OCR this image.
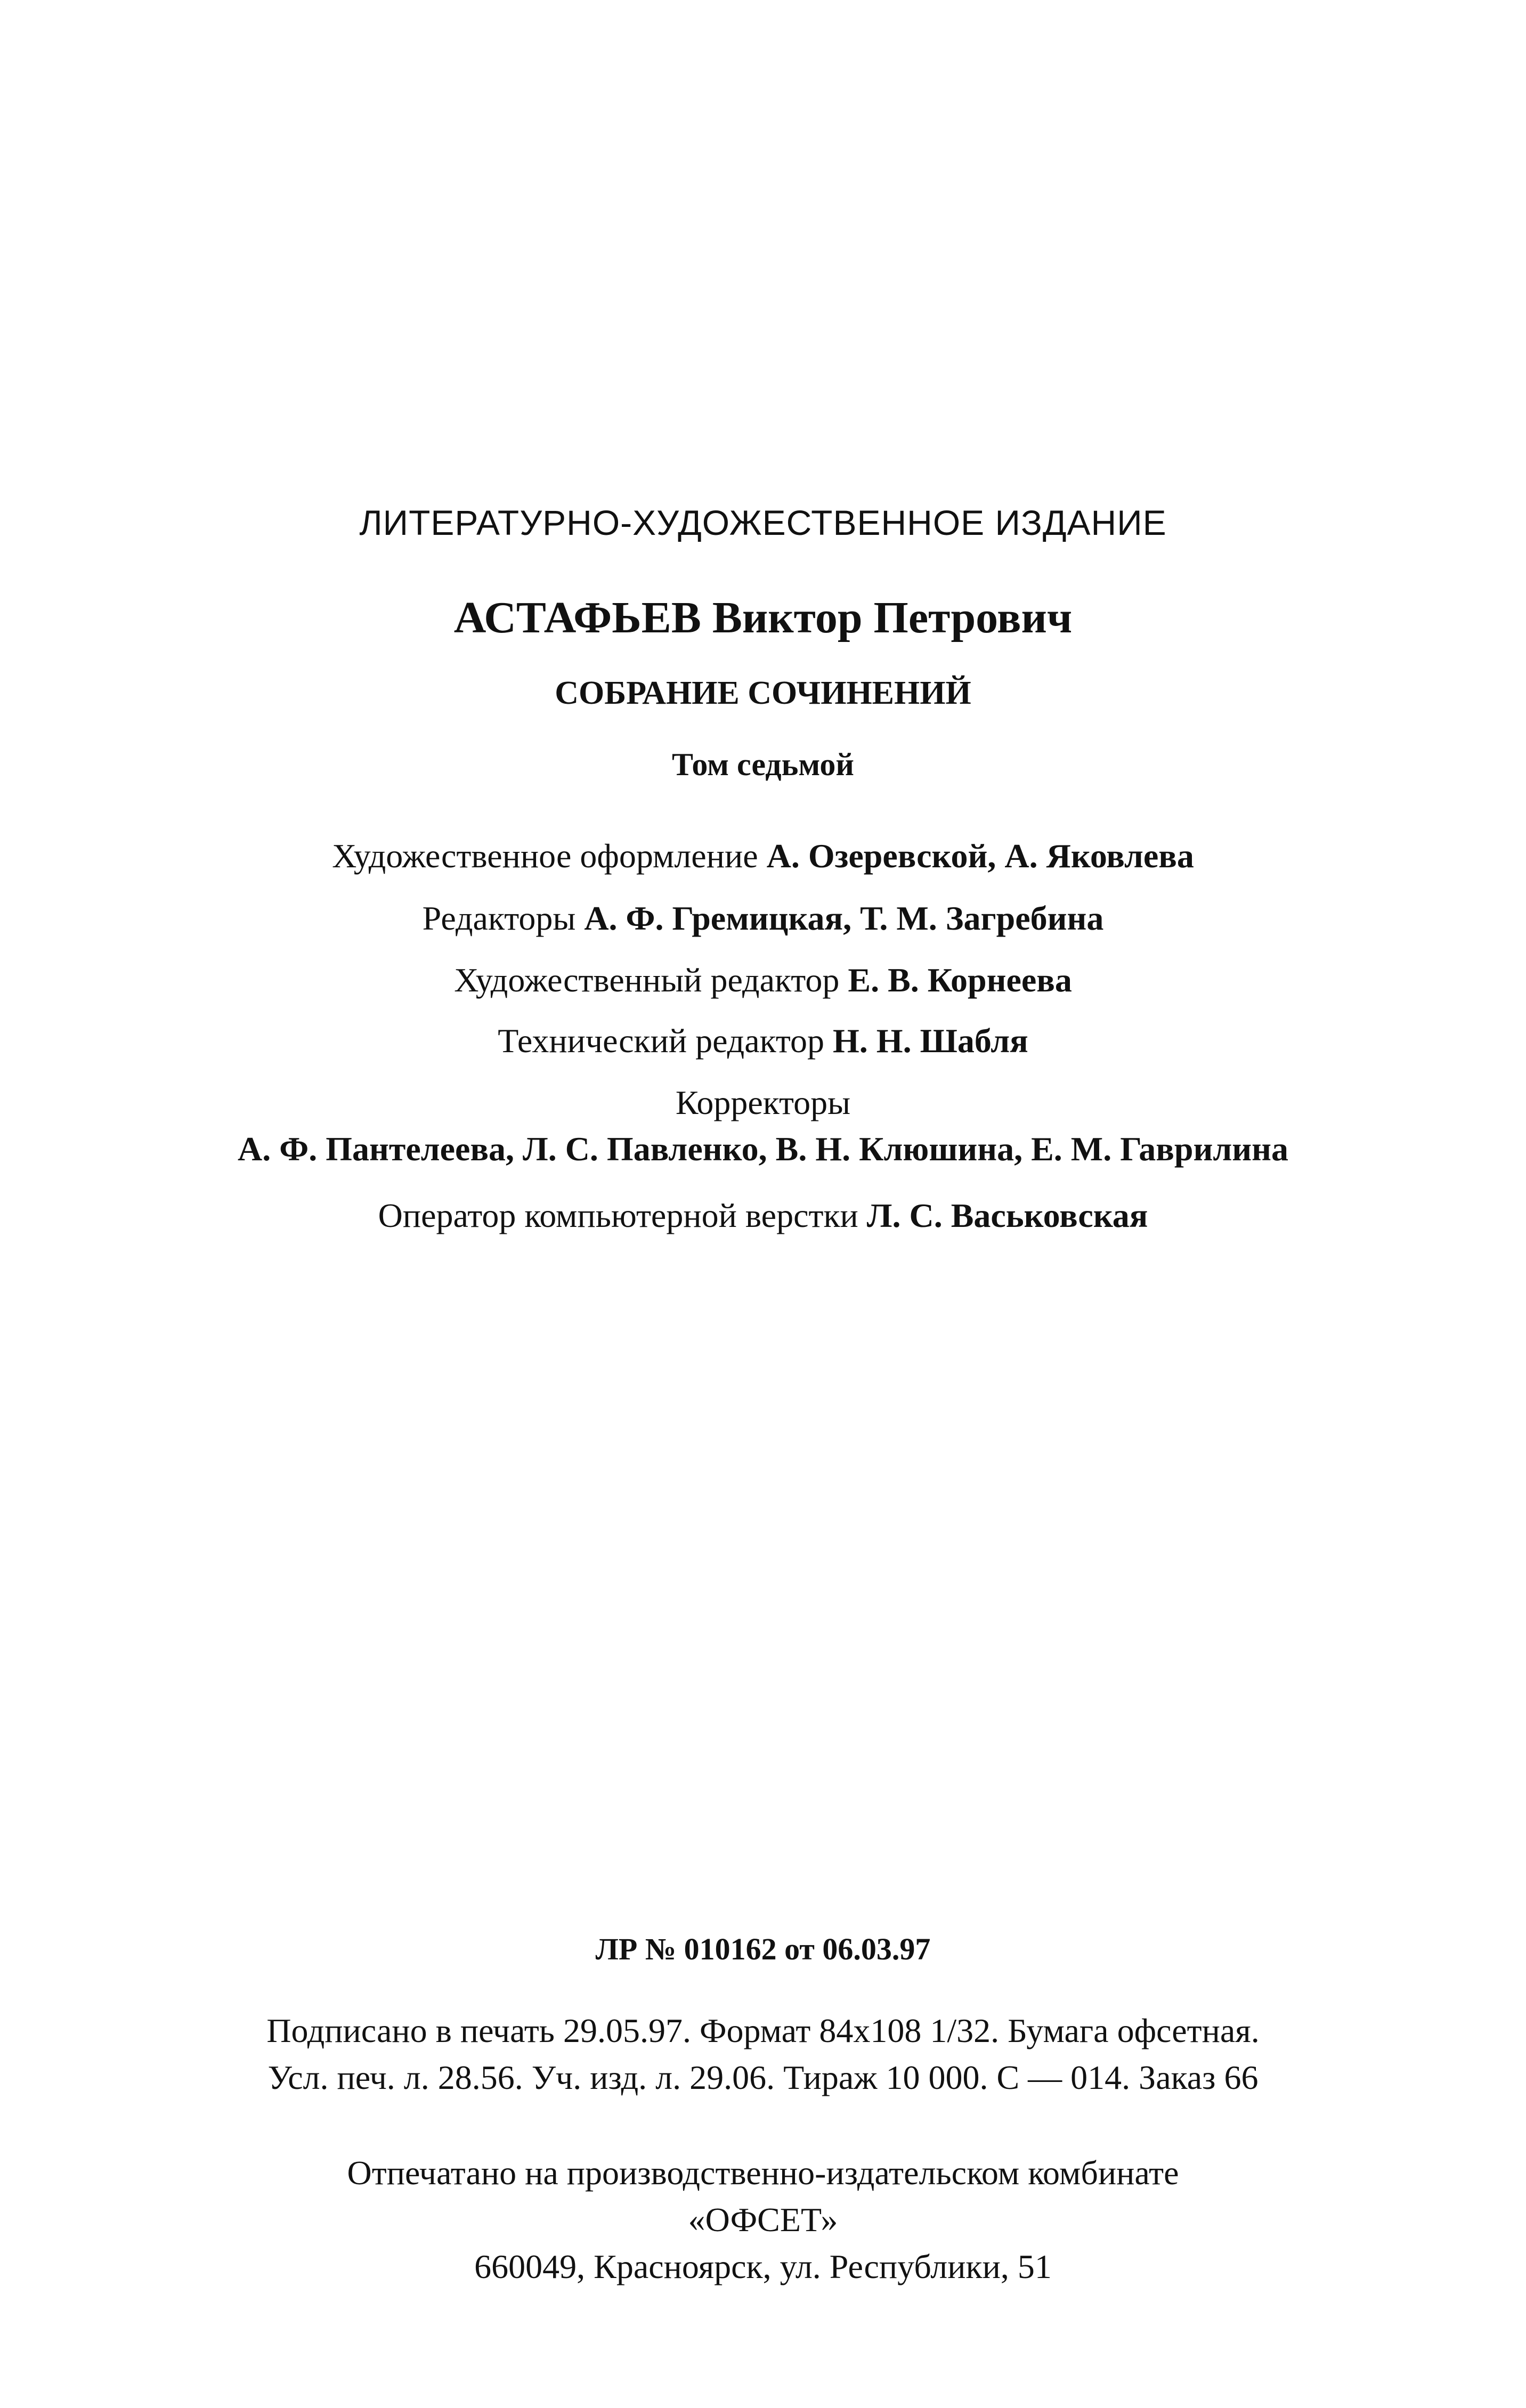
ЛИТЕРАТУРНО-ХУДОЖЕСТВЕННОЕ ИЗДАНИЕ
АСТАФЬЕВ Виктор Петрович
СОБРАНИЕ СОЧИНЕНИЙ
Том седьмой
Художественное оформление А. Озеревской, А. Яковлева
Редакторы А. Ф. Гремицкая, Т. М. Загребина
Художественный редактор Е. В. Корнеева
Технический редактор Н. Н. Шабля
Корректоры
А. Ф. Пантелеева, Л. С. Павленко, В. Н. Клюшина, Е. М. Гаврилина
Оператор компьютерной верстки Л. С. Васьковская
ЛР № 010162 от 06.03.97
Подписано в печать 29.05.97. Формат 84х108 1/32. Бумага офсетная.
Усл. печ. л. 28.56. Уч. изд. л. 29.06. Тираж 10 000. С — 014. Заказ 66
Отпечатано на производственно-издательском комбинате
«ОФСЕТ»
660049, Красноярск, ул. Республики, 51
